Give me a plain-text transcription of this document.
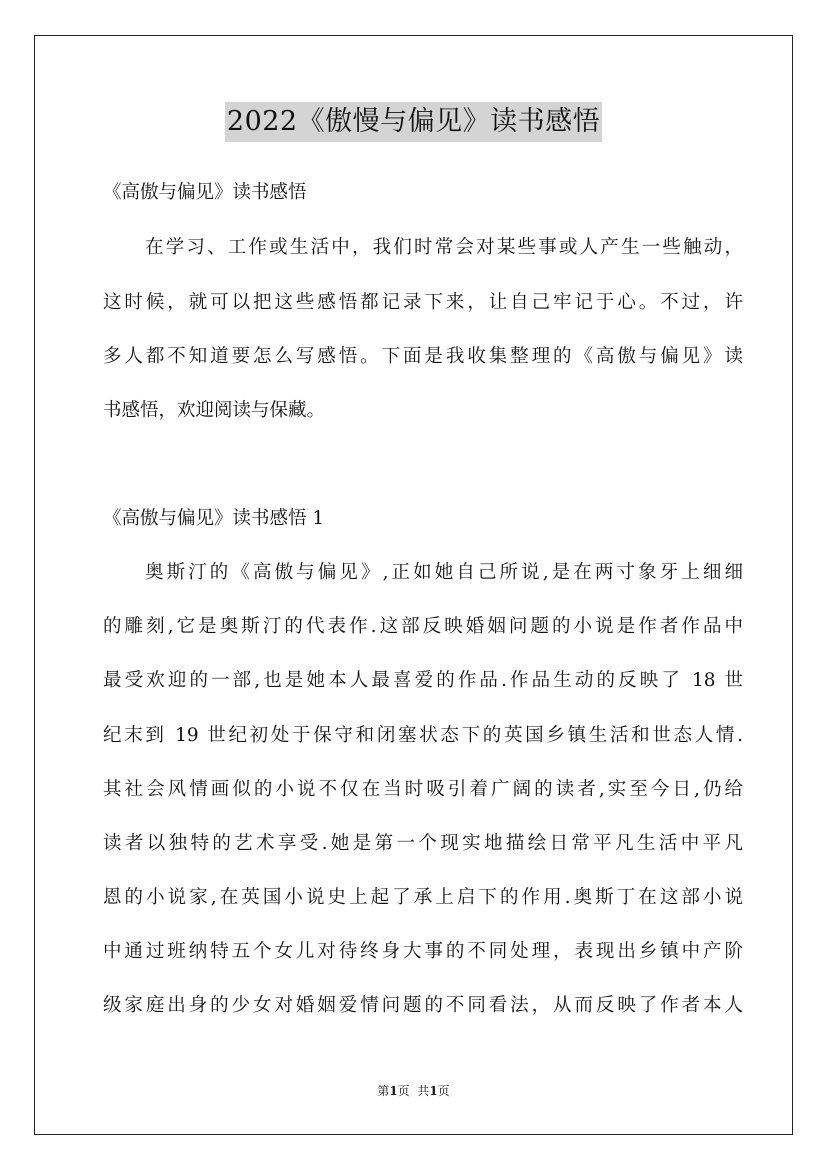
2022《傲慢与偏见》读书感悟
《高傲与偏见》读书感悟
在学习、工作或生活中，我们时常会对某些事或人产生一些触动，
这时候，就可以把这些感悟都记录下来，让自己牢记于心。不过，许
多人都不知道要怎么写感悟。下面是我收集整理的《高傲与偏见》读
书感悟，欢迎阅读与保藏。
《高傲与偏见》读书感悟 1
奥斯汀的《高傲与偏见》,正如她自己所说,是在两寸象牙上细细
的雕刻,它是奥斯汀的代表作.这部反映婚姻问题的小说是作者作品中
最受欢迎的一部,也是她本人最喜爱的作品.作品生动的反映了 18 世
纪末到 19 世纪初处于保守和闭塞状态下的英国乡镇生活和世态人情.
其社会风情画似的小说不仅在当时吸引着广阔的读者,实至今日,仍给
读者以独特的艺术享受.她是第一个现实地描绘日常平凡生活中平凡
恩的小说家,在英国小说史上起了承上启下的作用.奥斯丁在这部小说
中通过班纳特五个女儿对待终身大事的不同处理，表现出乡镇中产阶
级家庭出身的少女对婚姻爱情问题的不同看法，从而反映了作者本人
第1页  共1页
